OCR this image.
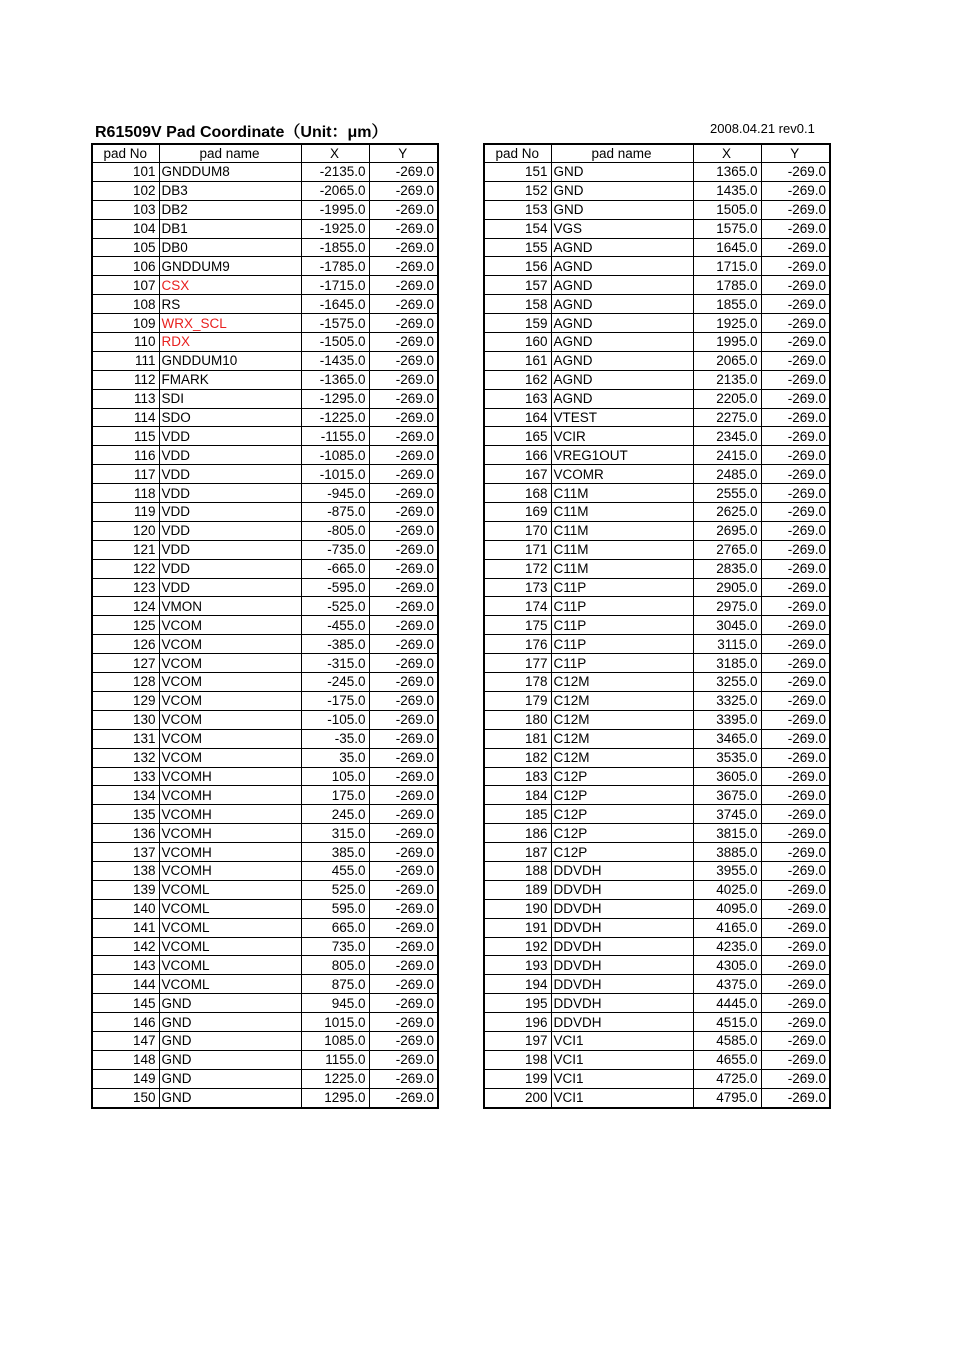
R61509V Pad Coordinate（Unit：μm）	2008.04.21 rev0.1
pad No	pad name	X	Y
101	GNDDUM8	-2135.0	-269.0
102	DB3	-2065.0	-269.0
103	DB2	-1995.0	-269.0
104	DB1	-1925.0	-269.0
105	DB0	-1855.0	-269.0
106	GNDDUM9	-1785.0	-269.0
107	CSX	-1715.0	-269.0
108	RS	-1645.0	-269.0
109	WRX_SCL	-1575.0	-269.0
110	RDX	-1505.0	-269.0
111	GNDDUM10	-1435.0	-269.0
112	FMARK	-1365.0	-269.0
113	SDI	-1295.0	-269.0
114	SDO	-1225.0	-269.0
115	VDD	-1155.0	-269.0
116	VDD	-1085.0	-269.0
117	VDD	-1015.0	-269.0
118	VDD	-945.0	-269.0
119	VDD	-875.0	-269.0
120	VDD	-805.0	-269.0
121	VDD	-735.0	-269.0
122	VDD	-665.0	-269.0
123	VDD	-595.0	-269.0
124	VMON	-525.0	-269.0
125	VCOM	-455.0	-269.0
126	VCOM	-385.0	-269.0
127	VCOM	-315.0	-269.0
128	VCOM	-245.0	-269.0
129	VCOM	-175.0	-269.0
130	VCOM	-105.0	-269.0
131	VCOM	-35.0	-269.0
132	VCOM	35.0	-269.0
133	VCOMH	105.0	-269.0
134	VCOMH	175.0	-269.0
135	VCOMH	245.0	-269.0
136	VCOMH	315.0	-269.0
137	VCOMH	385.0	-269.0
138	VCOMH	455.0	-269.0
139	VCOML	525.0	-269.0
140	VCOML	595.0	-269.0
141	VCOML	665.0	-269.0
142	VCOML	735.0	-269.0
143	VCOML	805.0	-269.0
144	VCOML	875.0	-269.0
145	GND	945.0	-269.0
146	GND	1015.0	-269.0
147	GND	1085.0	-269.0
148	GND	1155.0	-269.0
149	GND	1225.0	-269.0
150	GND	1295.0	-269.0
pad No	pad name	X	Y
151	GND	1365.0	-269.0
152	GND	1435.0	-269.0
153	GND	1505.0	-269.0
154	VGS	1575.0	-269.0
155	AGND	1645.0	-269.0
156	AGND	1715.0	-269.0
157	AGND	1785.0	-269.0
158	AGND	1855.0	-269.0
159	AGND	1925.0	-269.0
160	AGND	1995.0	-269.0
161	AGND	2065.0	-269.0
162	AGND	2135.0	-269.0
163	AGND	2205.0	-269.0
164	VTEST	2275.0	-269.0
165	VCIR	2345.0	-269.0
166	VREG1OUT	2415.0	-269.0
167	VCOMR	2485.0	-269.0
168	C11M	2555.0	-269.0
169	C11M	2625.0	-269.0
170	C11M	2695.0	-269.0
171	C11M	2765.0	-269.0
172	C11M	2835.0	-269.0
173	C11P	2905.0	-269.0
174	C11P	2975.0	-269.0
175	C11P	3045.0	-269.0
176	C11P	3115.0	-269.0
177	C11P	3185.0	-269.0
178	C12M	3255.0	-269.0
179	C12M	3325.0	-269.0
180	C12M	3395.0	-269.0
181	C12M	3465.0	-269.0
182	C12M	3535.0	-269.0
183	C12P	3605.0	-269.0
184	C12P	3675.0	-269.0
185	C12P	3745.0	-269.0
186	C12P	3815.0	-269.0
187	C12P	3885.0	-269.0
188	DDVDH	3955.0	-269.0
189	DDVDH	4025.0	-269.0
190	DDVDH	4095.0	-269.0
191	DDVDH	4165.0	-269.0
192	DDVDH	4235.0	-269.0
193	DDVDH	4305.0	-269.0
194	DDVDH	4375.0	-269.0
195	DDVDH	4445.0	-269.0
196	DDVDH	4515.0	-269.0
197	VCI1	4585.0	-269.0
198	VCI1	4655.0	-269.0
199	VCI1	4725.0	-269.0
200	VCI1	4795.0	-269.0
